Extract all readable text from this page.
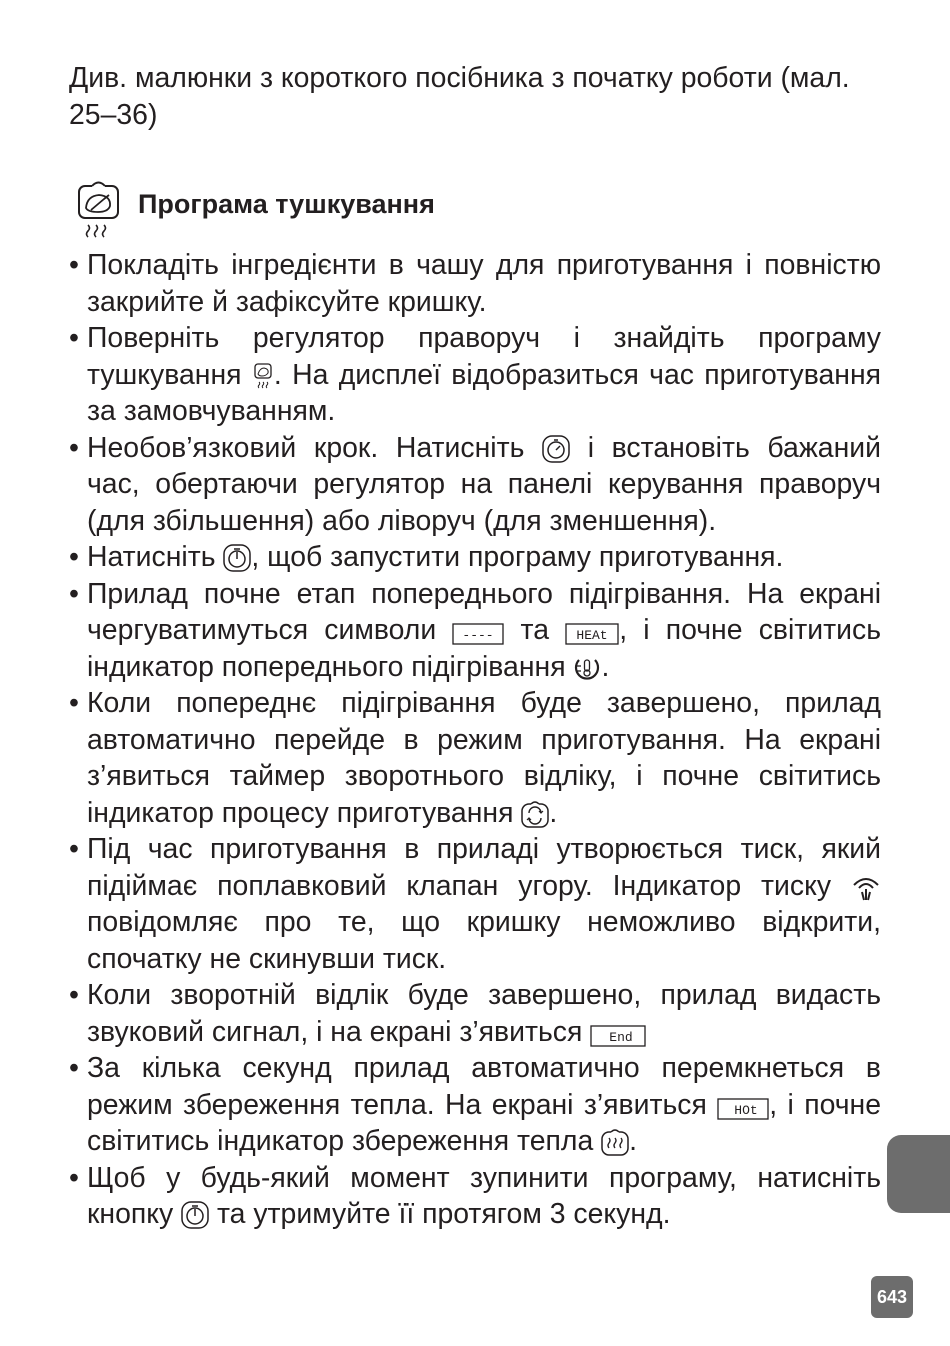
Див. малюнки з короткого посібника з початку роботи (мал. 25–36)

Програма тушкування
• Покладіть інгредієнти в чашу для приготування і повністю закрийте й зафіксуйте кришку.
• Поверніть регулятор праворуч і знайдіть програму тушкування
. На дисплеї відобразиться час приготування за замовчуванням.
• Необов’язковий крок. Натисніть
і встановіть бажаний час, обертаючи регулятор на панелі керування праворуч (для збільшення) або ліворуч (для зменшення).
• Натисніть
, щоб запустити програму приготування.
• Прилад почне етап попереднього підігрівання. На екрані чергуватимуться символи ---- та HEAt , і почне світитись індикатор попереднього підігрівання
.
• Коли попереднє підігрівання буде завершено, прилад автоматично перейде в режим приготування. На екрані з’явиться таймер зворотнього відліку, і почне світитись індикатор процесу приготування
.
• Під час приготування в приладі утворюється тиск, який підіймає поплавковий клапан угору. Індикатор тиску
повідомляє про те, що кришку неможливо відкрити, спочатку не скинувши тиск.
• Коли зворотній відлік буде завершено, прилад видасть звуковий сигнал, і на екрані з’явиться End
• За кілька секунд прилад автоматично перемкнеться в режим збереження тепла. На екрані з’явиться HOt , і почне світитись індикатор збереження тепла
.
• Щоб у будь-який момент зупинити програму, натисніть кнопку
та утримуйте її протягом 3 секунд.
643
